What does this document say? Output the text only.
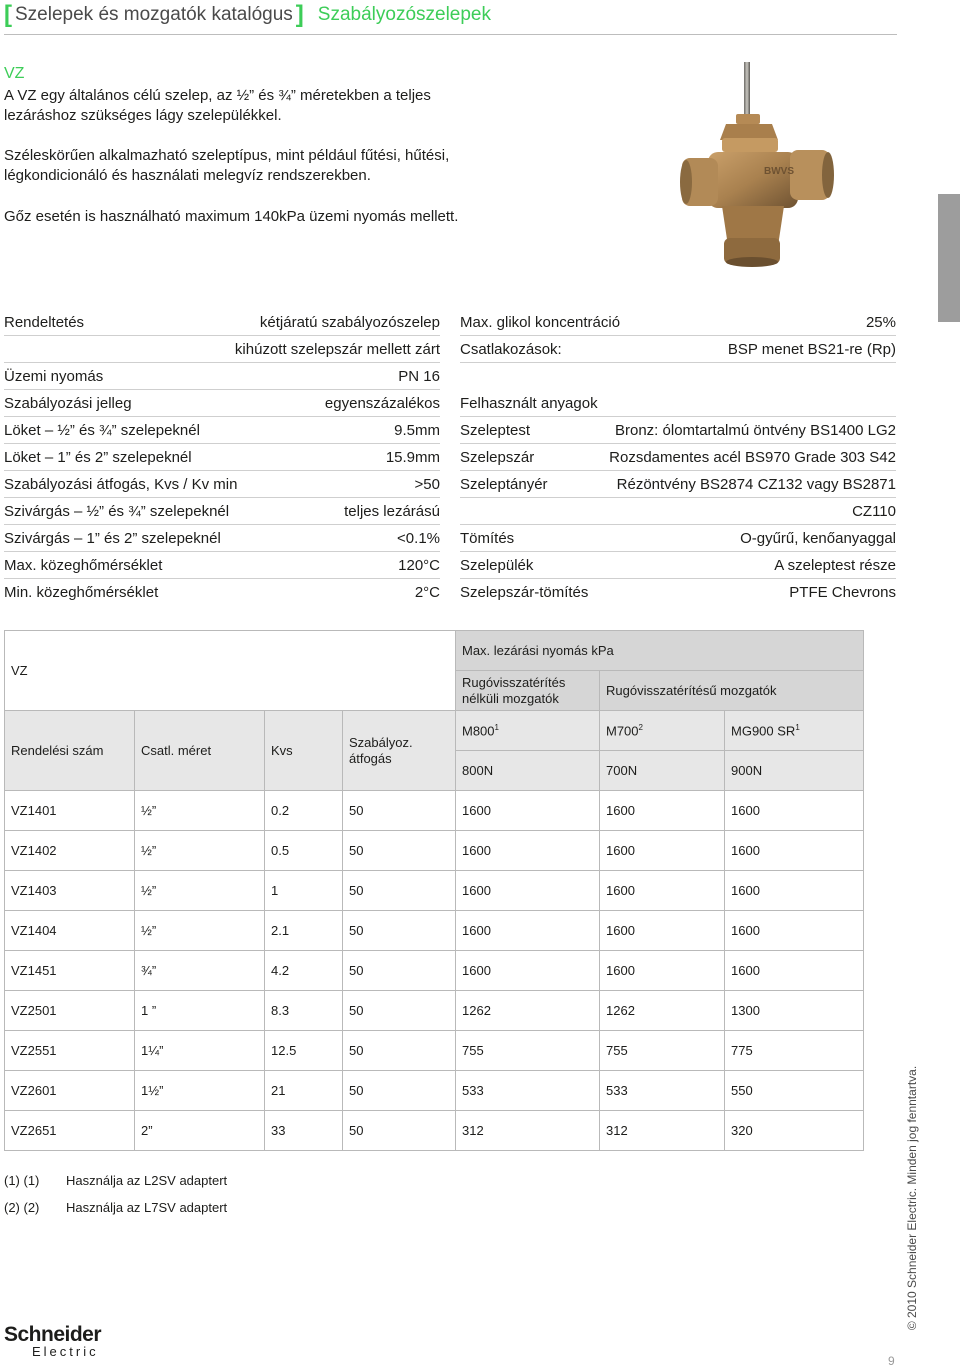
[ Szelepek és mozgatók katalógus ] Szabályozószelepek
VZ

A VZ egy általános célú szelep, az ½” és ¾” méretekben a teljes lezáráshoz szükséges lágy szelepülékkel.

Széleskörűen alkalmazható szeleptípus, mint például fűtési, hűtési, légkondicionáló és használati melegvíz rendszerekben.

Gőz esetén is használható maximum 140kPa üzemi nyomás mellett.

BWVS
Rendeltetés	kétjáratú szabályozószelep
kihúzott szelepszár mellett zárt
Üzemi nyomás	PN 16
Szabályozási jelleg	egyenszázalékos
Löket – ½” és ¾” szelepeknél	9.5mm
Löket – 1” és 2” szelepeknél	15.9mm
Szabályozási átfogás, Kvs / Kv min	>50
Szivárgás – ½” és ¾” szelepeknél	teljes lezárású
Szivárgás – 1” és 2” szelepeknél	<0.1%
Max. közeghőmérséklet	120°C
Min. közeghőmérséklet	2°C
Max. glikol koncentráció	25%
Csatlakozások:	BSP menet BS21-re (Rp)
Felhasznált anyagok
Szeleptest	Bronz: ólomtartalmú öntvény BS1400 LG2
Szelepszár	Rozsdamentes acél BS970 Grade 303 S42
Szeleptányér	Rézöntvény BS2874 CZ132 vagy BS2871
CZ110
Tömítés	O-gyűrű, kenőanyaggal
Szelepülék	A szeleptest része
Szelepszár-tömítés	PTFE Chevrons
VZ				Max. lezárási nyomás kPa		
				Rugóvisszatérítés nélküli mozgatók	Rugóvisszatérítésű mozgatók	
Rendelési szám	Csatl. méret	Kvs	Szabályoz. átfogás	$M800^1$	$M700^2$	MG900 $SR^1$
				800N	700N	900N
VZ1401	½”	0.2	50	1600	1600	1600
VZ1402	½”	0.5	50	1600	1600	1600
VZ1403	½”	1	50	1600	1600	1600
VZ1404	½”	2.1	50	1600	1600	1600
VZ1451	¾”	4.2	50	1600	1600	1600
VZ2501	1 ”	8.3	50	1262	1262	1300
VZ2551	1¼”	12.5	50	755	755	775
VZ2601	1½”	21	50	533	533	550
VZ2651	2”	33	50	312	312	320
(1) (1)	Használja az L2SV adaptert
(2) (2)	Használja az L7SV adaptert
Schneider
Electric
© 2010 Schneider Electric. Minden jog fenntartva.
9
